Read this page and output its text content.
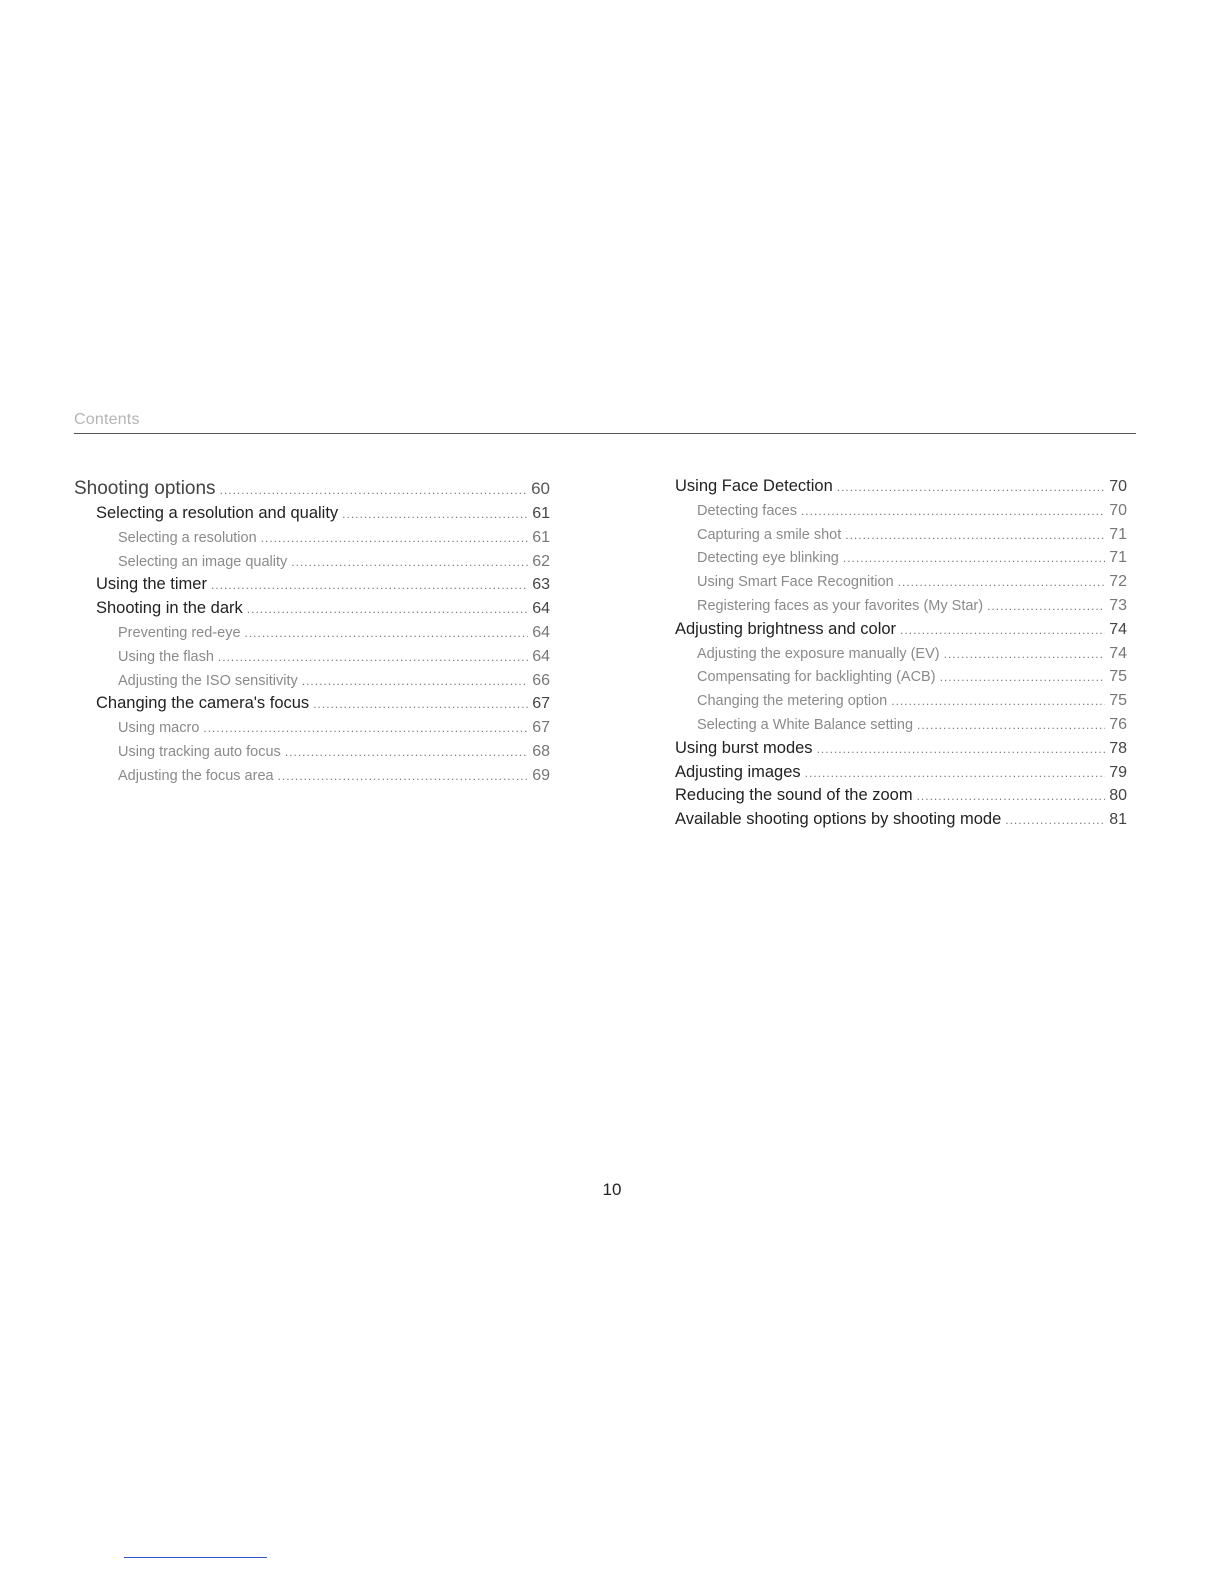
Contents
Shooting options .....	60
Selecting a resolution and quality .....	61
Selecting a resolution .....	61
Selecting an image quality .....	62
Using the timer .....	63
Shooting in the dark .....	64
Preventing red-eye .....	64
Using the flash .....	64
Adjusting the ISO sensitivity .....	66
Changing the camera's focus .....	67
Using macro .....	67
Using tracking auto focus .....	68
Adjusting the focus area .....	69
Using Face Detection .....	70
Detecting faces .....	70
Capturing a smile shot .....	71
Detecting eye blinking .....	71
Using Smart Face Recognition .....	72
Registering faces as your favorites (My Star) .....	73
Adjusting brightness and color .....	74
Adjusting the exposure manually (EV) .....	74
Compensating for backlighting (ACB) .....	75
Changing the metering option .....	75
Selecting a White Balance setting .....	76
Using burst modes .....	78
Adjusting images .....	79
Reducing the sound of the zoom .....	80
Available shooting options by shooting mode .....	81
10
